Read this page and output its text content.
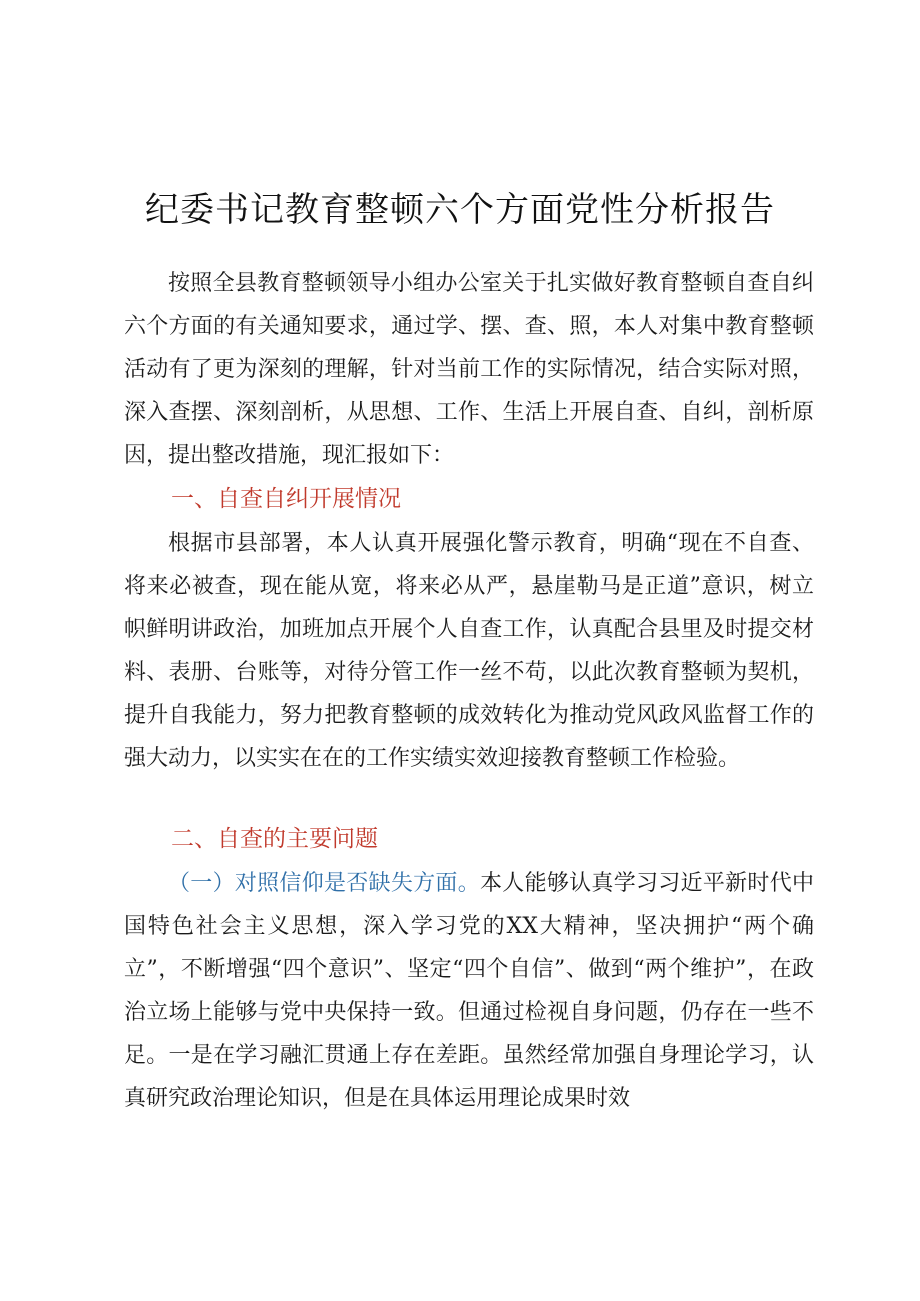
纪委书记教育整顿六个方面党性分析报告

按照全县教育整顿领导小组办公室关于扎实做好教育整顿自查自纠六个方面的有关通知要求，通过学、摆、查、照，本人对集中教育整顿活动有了更为深刻的理解，针对当前工作的实际情况，结合实际对照，深入查摆、深刻剖析，从思想、工作、生活上开展自查、自纠，剖析原因，提出整改措施，现汇报如下：

一、自查自纠开展情况

根据市县部署，本人认真开展强化警示教育，明确“现在不自查、将来必被查，现在能从宽，将来必从严，悬崖勒马是正道”意识，树立帜鲜明讲政治，加班加点开展个人自查工作，认真配合县里及时提交材料、表册、台账等，对待分管工作一丝不苟，以此次教育整顿为契机，提升自我能力，努力把教育整顿的成效转化为推动党风政风监督工作的强大动力，以实实在在的工作实绩实效迎接教育整顿工作检验。

二、自查的主要问题

（一）对照信仰是否缺失方面。本人能够认真学习习近平新时代中国特色社会主义思想，深入学习党的XX大精神，坚决拥护“两个确立”，不断增强“四个意识”、坚定“四个自信”、做到“两个维护”，在政治立场上能够与党中央保持一致。但通过检视自身问题，仍存在一些不足。一是在学习融汇贯通上存在差距。虽然经常加强自身理论学习，认真研究政治理论知识，但是在具体运用理论成果时效
